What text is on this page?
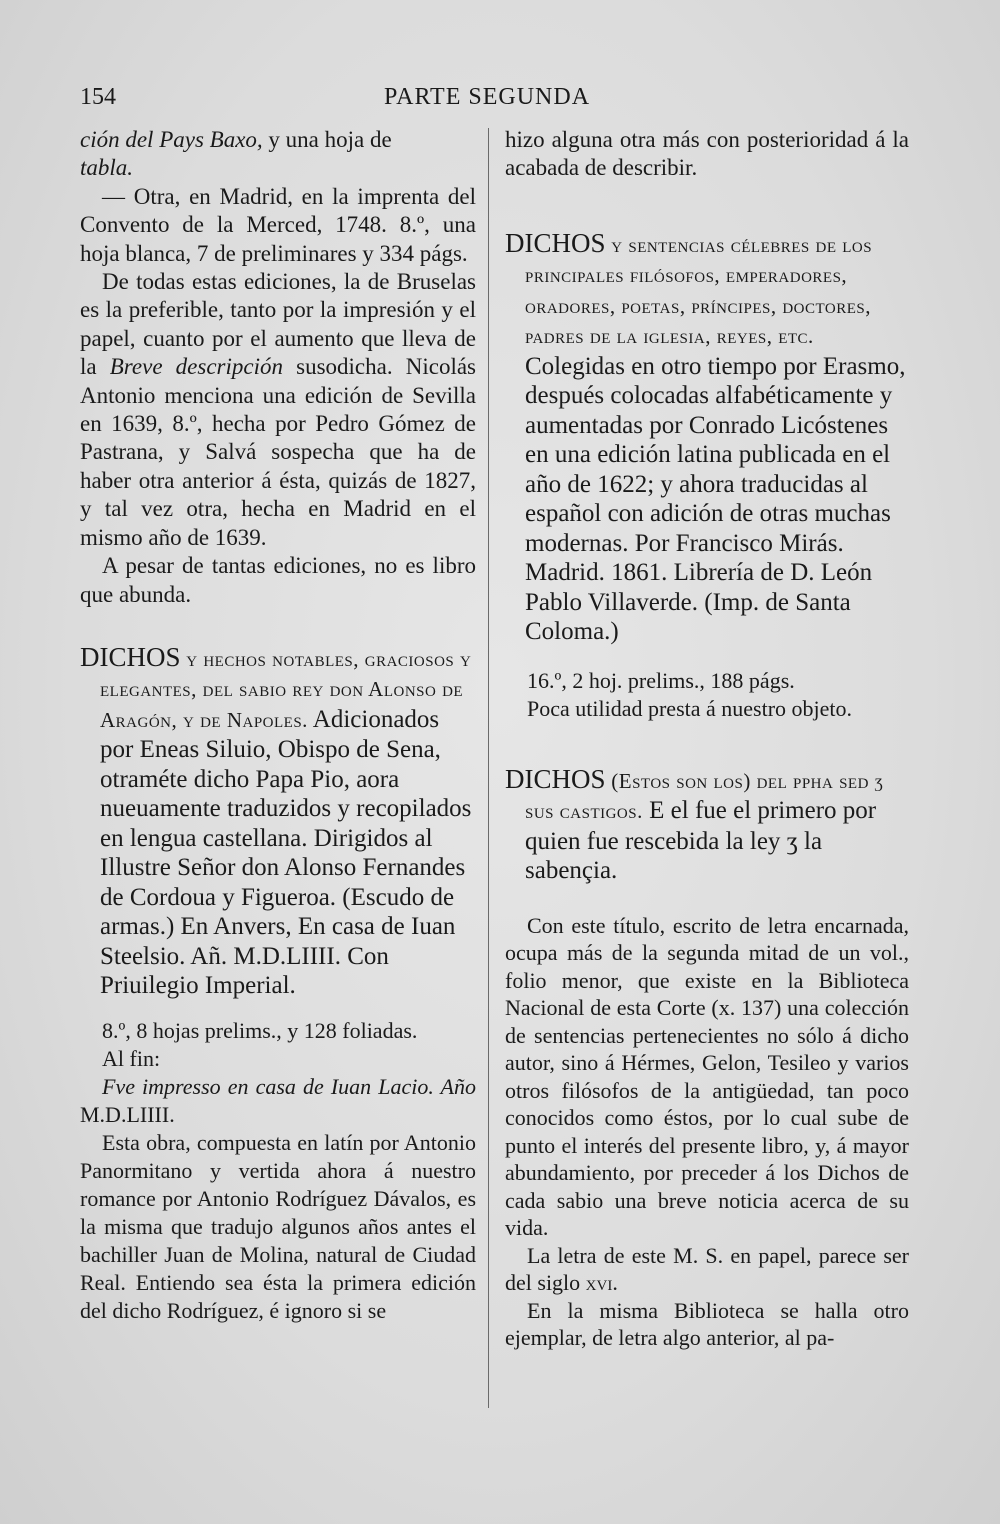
154	PARTE SEGUNDA

ción del Pays Baxo, y una hoja de
tabla.

— Otra, en Madrid, en la imprenta del Convento de la Merced, 1748. 8.º, una hoja blanca, 7 de preliminares y 334 págs.

De todas estas ediciones, la de Bruselas es la preferible, tanto por la impresión y el papel, cuanto por el aumento que lleva de la Breve descripción susodicha. Nicolás Antonio menciona una edición de Sevilla en 1639, 8.º, hecha por Pedro Gómez de Pastrana, y Salvá sospecha que ha de haber otra anterior á ésta, quizás de 1827, y tal vez otra, hecha en Madrid en el mismo año de 1639.

A pesar de tantas ediciones, no es libro que abunda.

DICHOS y hechos notables, graciosos y elegantes, del sabio rey don Alonso de Aragón, y de Napoles. Adicionados por Eneas Siluio, Obispo de Sena, otraméte dicho Papa Pio, aora nueuamente traduzidos y recopilados en lengua castellana. Dirigidos al Illustre Señor don Alonso Fernandes de Cordoua y Figueroa. (Escudo de armas.) En Anvers, En casa de Iuan Steelsio. Añ. M.D.LIIII. Con Priuilegio Imperial.

8.º, 8 hojas prelims., y 128 foliadas.

Al fin:

Fve impresso en casa de Iuan Lacio. Año M.D.LIIII.

Esta obra, compuesta en latín por Antonio Panormitano y vertida ahora á nuestro romance por Antonio Rodríguez Dávalos, es la misma que tradujo algunos años antes el bachiller Juan de Molina, natural de Ciudad Real. Entiendo sea ésta la primera edición del dicho Rodríguez, é ignoro si se

hizo alguna otra más con posterioridad á la acabada de describir.

DICHOS y sentencias célebres de los principales filósofos, emperadores, oradores, poetas, príncipes, doctores, padres de la iglesia, reyes, etc. Colegidas en otro tiempo por Erasmo, después colocadas alfabéticamente y aumentadas por Conrado Licóstenes en una edición latina publicada en el año de 1622; y ahora traducidas al español con adición de otras muchas modernas. Por Francisco Mirás. Madrid. 1861. Librería de D. León Pablo Villaverde. (Imp. de Santa Coloma.)

16.º, 2 hoj. prelims., 188 págs.

Poca utilidad presta á nuestro objeto.

DICHOS (Estos son los) del ppha sed ʒ sus castigos. E el fue el primero por quien fue rescebida la ley ʒ la sabençia.

Con este título, escrito de letra encarnada, ocupa más de la segunda mitad de un vol., folio menor, que existe en la Biblioteca Nacional de esta Corte (x. 137) una colección de sentencias pertenecientes no sólo á dicho autor, sino á Hérmes, Gelon, Tesileo y varios otros filósofos de la antigüedad, tan poco conocidos como éstos, por lo cual sube de punto el interés del presente libro, y, á mayor abundamiento, por preceder á los Dichos de cada sabio una breve noticia acerca de su vida.

La letra de este M. S. en papel, parece ser del siglo xvi.

En la misma Biblioteca se halla otro ejemplar, de letra algo anterior, al pa-
